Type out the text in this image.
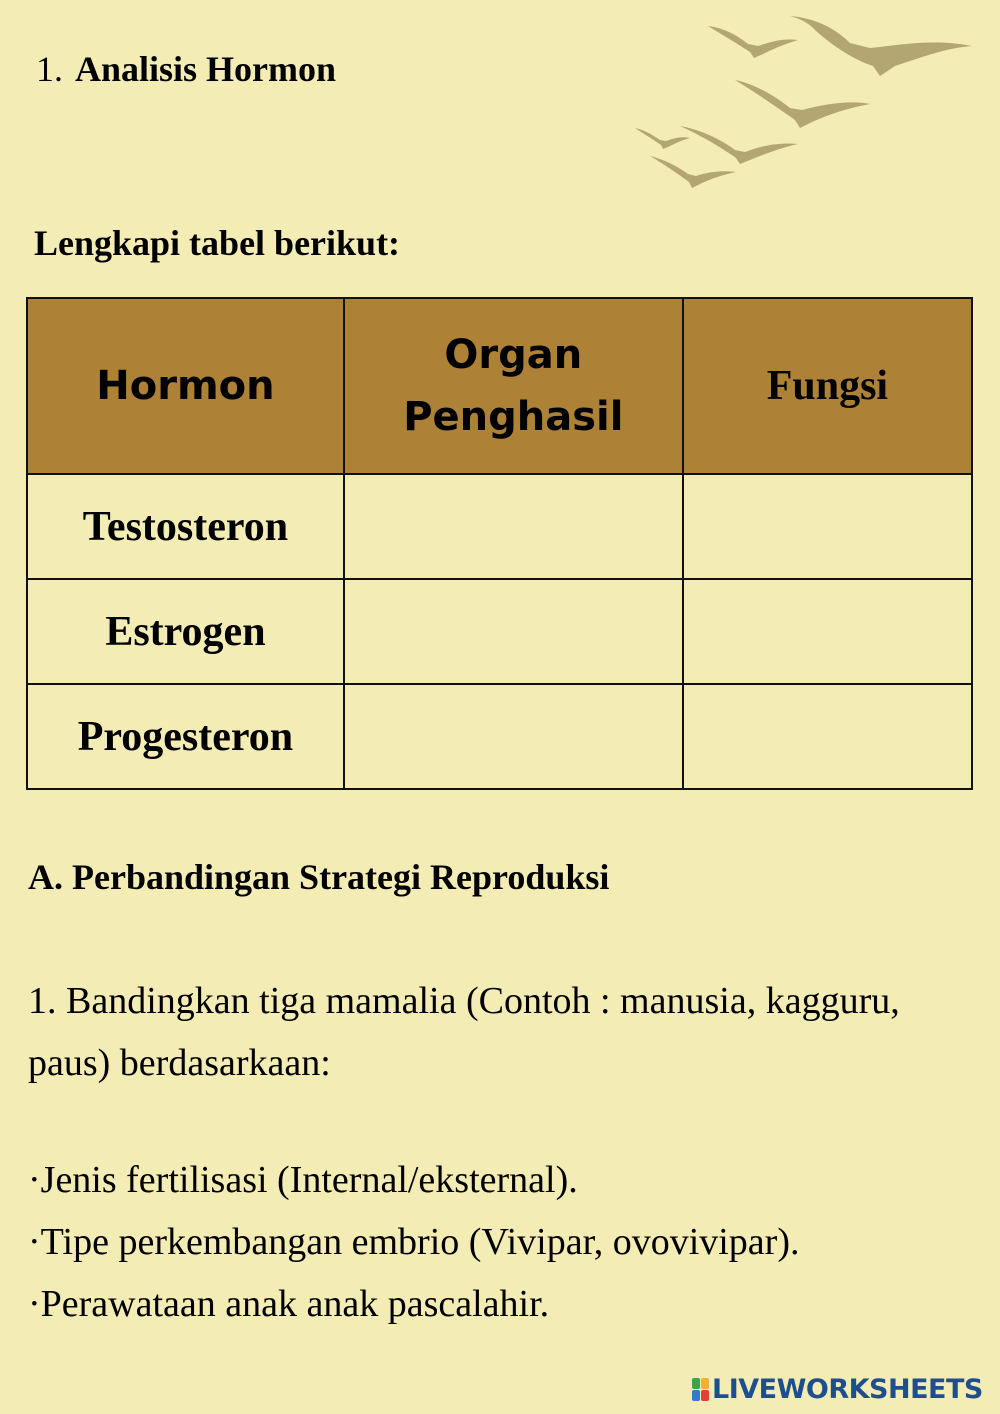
1. Analisis Hormon
Lengkapi tabel berikut:
Hormon	Organ Penghasil	Fungsi
Testosteron		
Estrogen		
Progesteron		
A. Perbandingan Strategi Reproduksi
1. Bandingkan tiga mamalia (Contoh : manusia, kagguru, paus) berdasarkaan:
·Jenis fertilisasi (Internal/eksternal).
·Tipe perkembangan embrio (Vivipar, ovovivipar).
·Perawataan anak anak pascalahir.
LIVEWORKSHEETS
